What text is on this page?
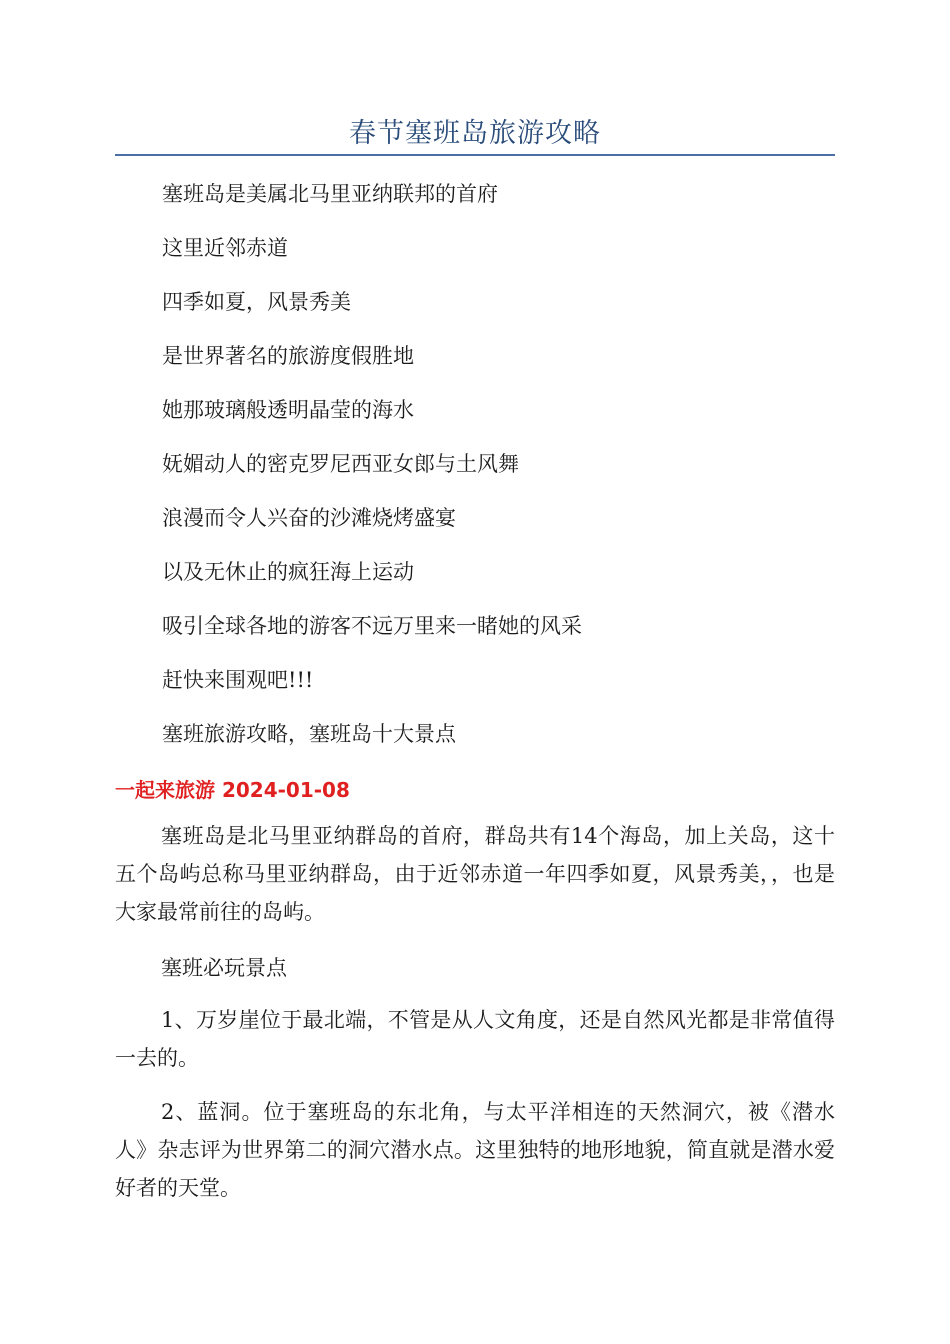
春节塞班岛旅游攻略
塞班岛是美属北马里亚纳联邦的首府
这里近邻赤道
四季如夏，风景秀美
是世界著名的旅游度假胜地
她那玻璃般透明晶莹的海水
妩媚动人的密克罗尼西亚女郎与土风舞
浪漫而令人兴奋的沙滩烧烤盛宴
以及无休止的疯狂海上运动
吸引全球各地的游客不远万里来一睹她的风采
赶快来围观吧!!!
塞班旅游攻略，塞班岛十大景点
一起来旅游 2024-01-08

塞班岛是北马里亚纳群岛的首府，群岛共有14个海岛，加上关岛，这十五个岛屿总称马里亚纳群岛，由于近邻赤道一年四季如夏，风景秀美，，也是大家最常前往的岛屿。

塞班必玩景点

1、万岁崖位于最北端，不管是从人文角度，还是自然风光都是非常值得一去的。

2、蓝洞。位于塞班岛的东北角，与太平洋相连的天然洞穴，被《潜水人》杂志评为世界第二的洞穴潜水点。这里独特的地形地貌，简直就是潜水爱好者的天堂。
